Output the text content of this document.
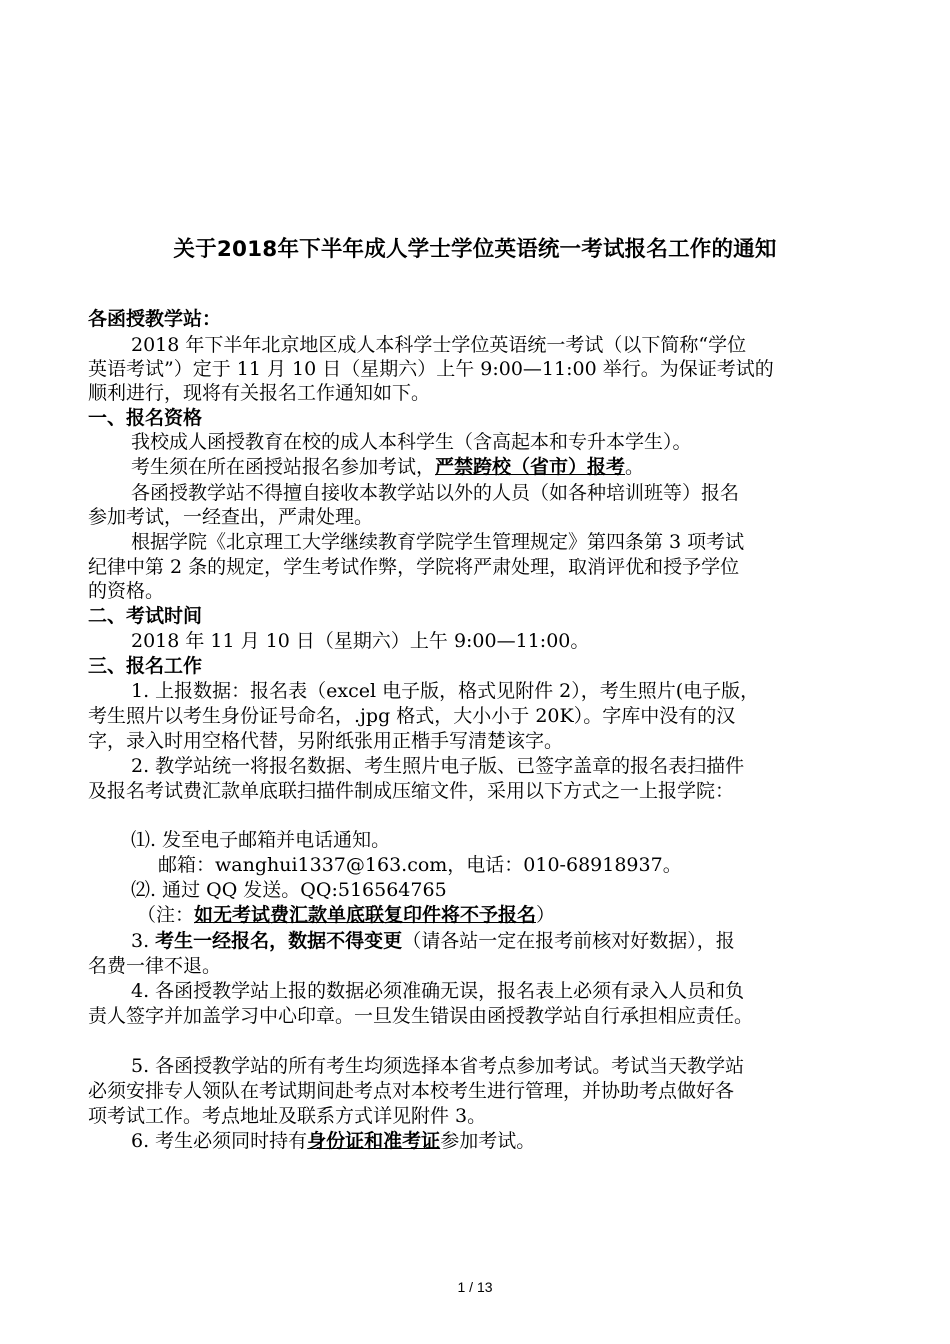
关于2018年下半年成人学士学位英语统一考试报名工作的通知
各函授教学站：
2018 年下半年北京地区成人本科学士学位英语统一考试（以下简称“学位
英语考试”）定于 11 月 10 日（星期六）上午 9:00—11:00 举行。为保证考试的
顺利进行，现将有关报名工作通知如下。
一、报名资格
我校成人函授教育在校的成人本科学生（含高起本和专升本学生）。
考生须在所在函授站报名参加考试，严禁跨校（省市）报考。
各函授教学站不得擅自接收本教学站以外的人员（如各种培训班等）报名
参加考试，一经查出，严肃处理。
根据学院《北京理工大学继续教育学院学生管理规定》第四条第 3 项考试
纪律中第 2 条的规定，学生考试作弊，学院将严肃处理，取消评优和授予学位
的资格。
二、考试时间
2018 年 11 月 10 日（星期六）上午 9:00—11:00。
三、报名工作
1. 上报数据：报名表（excel 电子版，格式见附件 2），考生照片(电子版，
考生照片以考生身份证号命名，.jpg 格式，大小小于 20K）。字库中没有的汉
字，录入时用空格代替，另附纸张用正楷手写清楚该字。
2. 教学站统一将报名数据、考生照片电子版、已签字盖章的报名表扫描件
及报名考试费汇款单底联扫描件制成压缩文件，采用以下方式之一上报学院：
⑴. 发至电子邮箱并电话通知。
邮箱：wanghui1337@163.com，电话：010-68918937。
⑵. 通过 QQ 发送。QQ:516564765
（注：如无考试费汇款单底联复印件将不予报名）
3. 考生一经报名，数据不得变更（请各站一定在报考前核对好数据），报
名费一律不退。
4. 各函授教学站上报的数据必须准确无误，报名表上必须有录入人员和负
责人签字并加盖学习中心印章。一旦发生错误由函授教学站自行承担相应责任。
5. 各函授教学站的所有考生均须选择本省考点参加考试。考试当天教学站
必须安排专人领队在考试期间赴考点对本校考生进行管理，并协助考点做好各
项考试工作。考点地址及联系方式详见附件 3。
6. 考生必须同时持有身份证和准考证参加考试。
1 / 13
